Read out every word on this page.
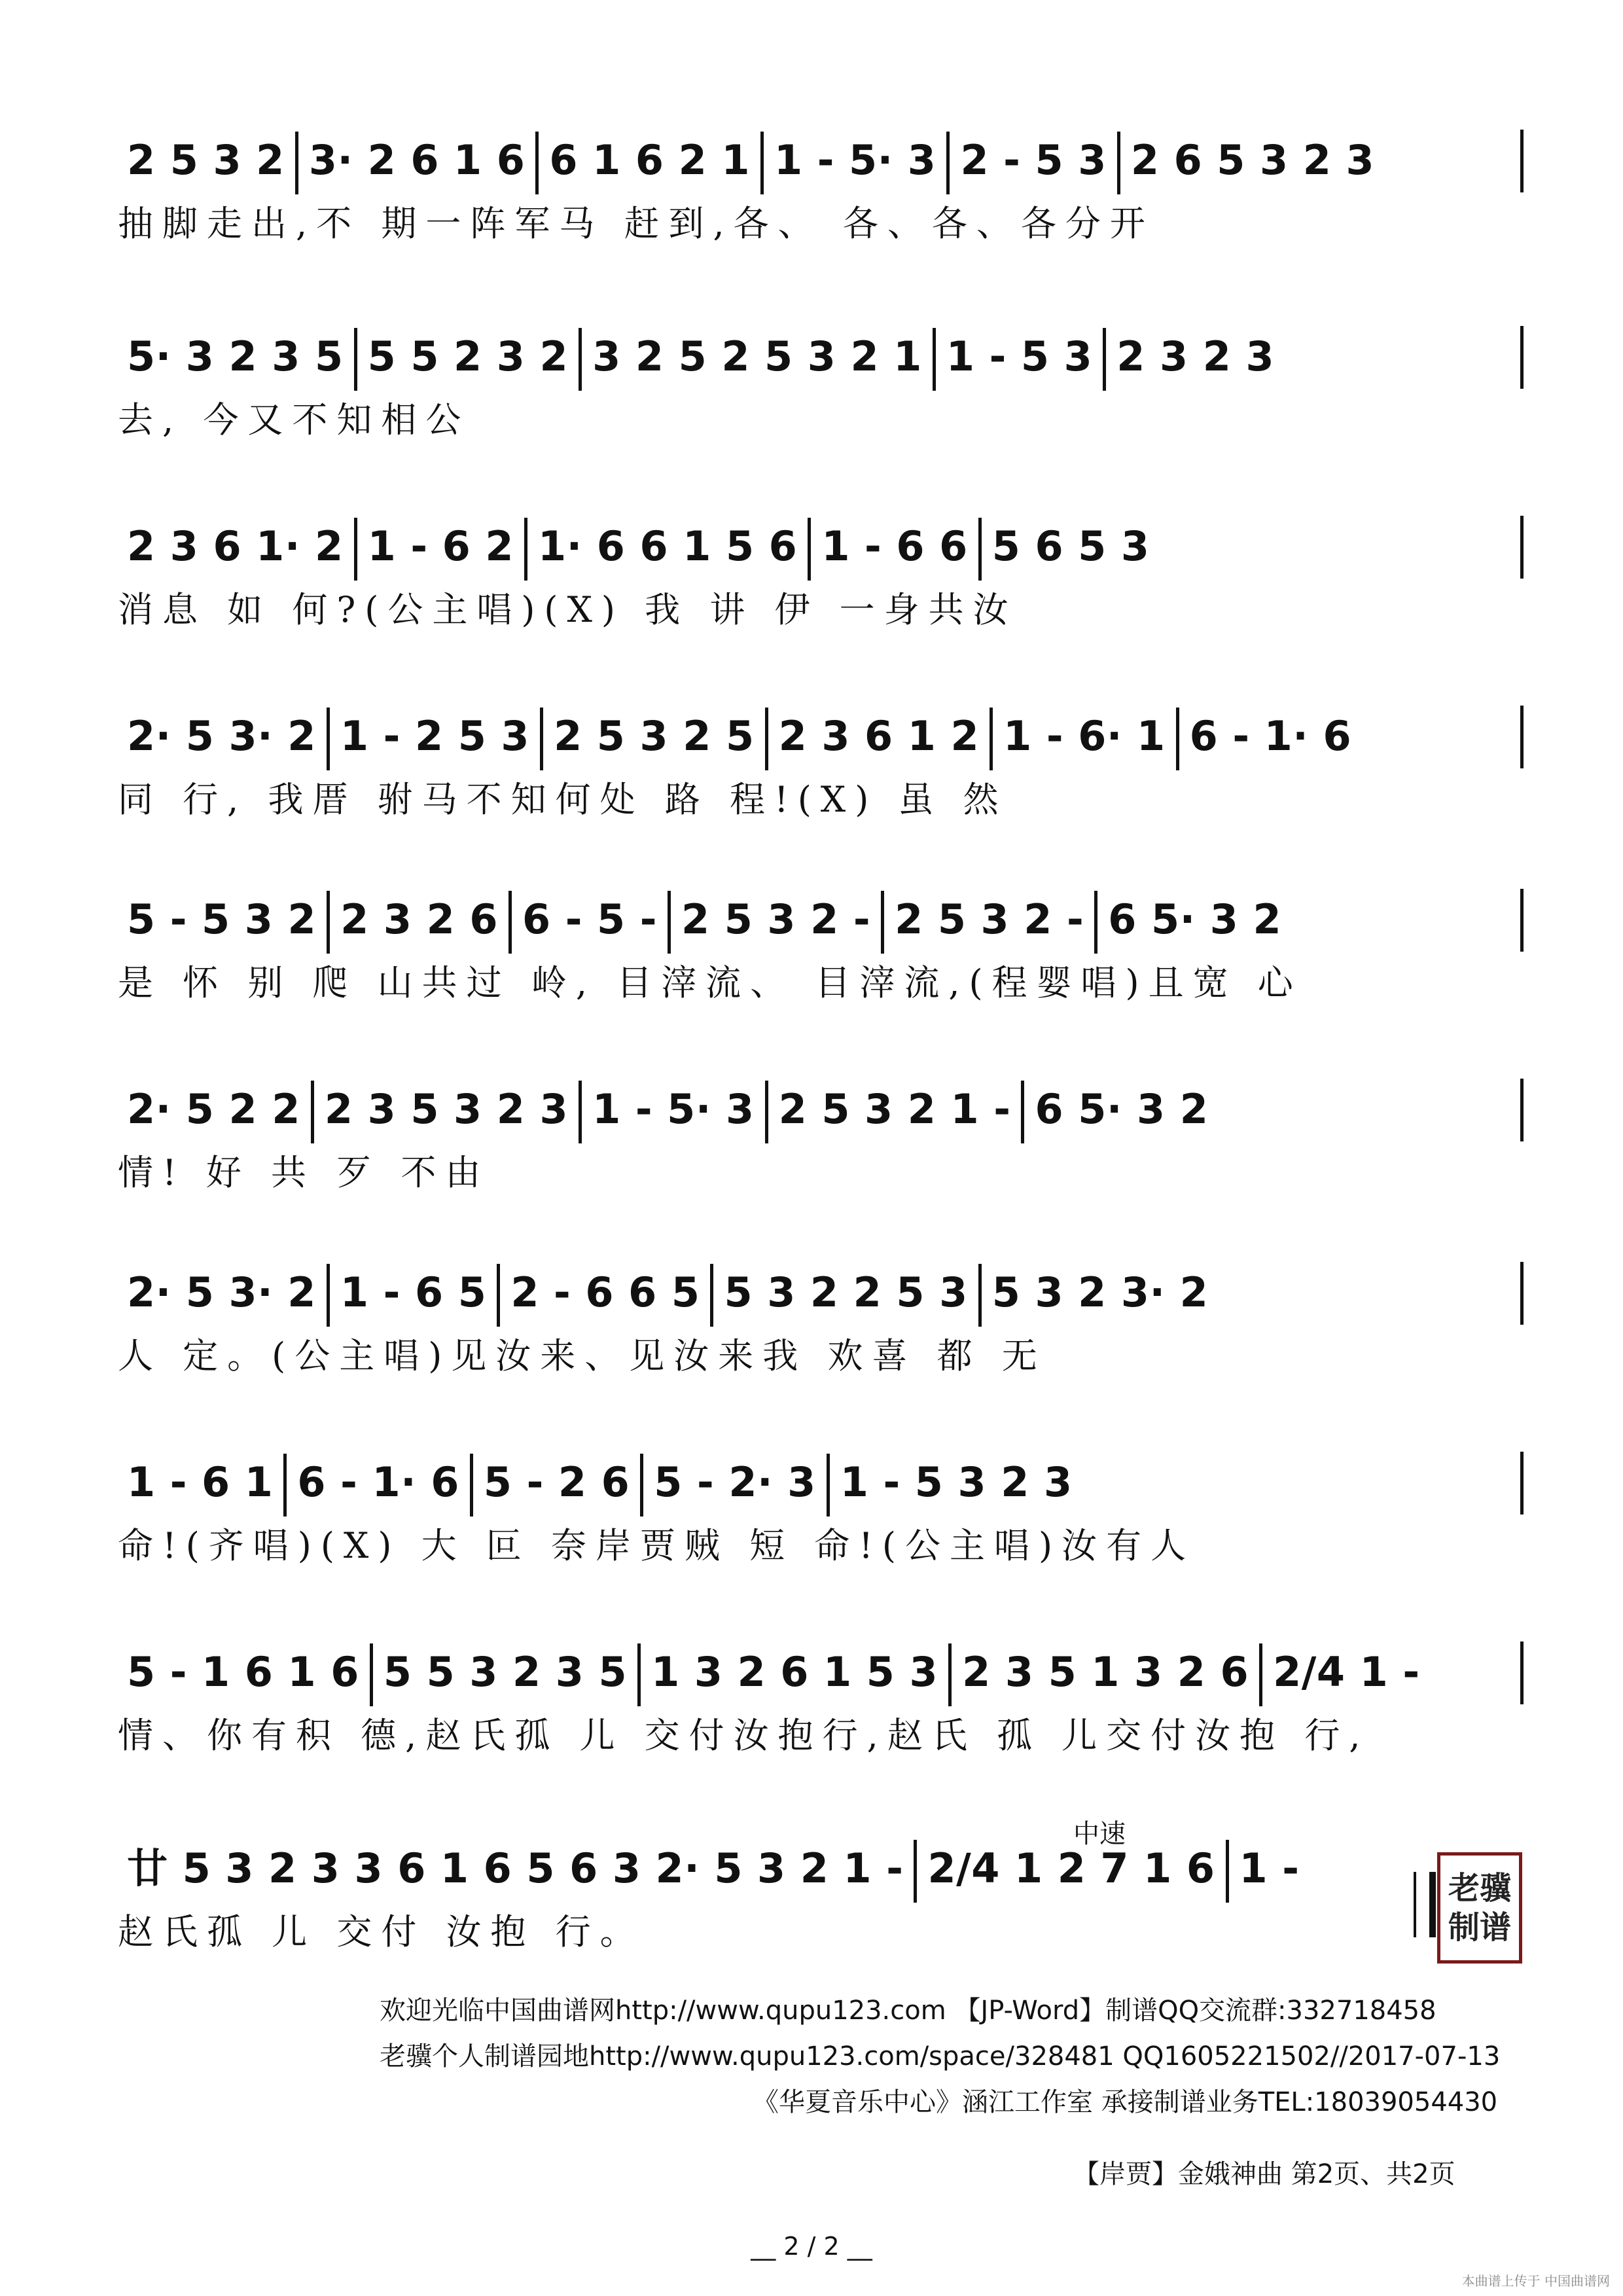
2 5 3 2 3· 2 6 1 6 6 1 6 2 1 1 - 5· 3 2 - 5 3 2 6 5 3 2 3
抽脚走出,不 期一阵军马 赶到,各、 各、各、各分开
5· 3 2 3 5 5 5 2 3 2 3 2 5 2 5 3 2 1 1 - 5 3 2 3 2 3
去, 今又不知相公
2 3 6 1· 2 1 - 6 2 1· 6 6 1 5 6 1 - 6 6 5 6 5 3
消息 如 何?(公主唱)(X) 我 讲 伊 一身共汝
2· 5 3· 2 1 - 2 5 3 2 5 3 2 5 2 3 6 1 2 1 - 6· 1 6 - 1· 6
同 行, 我厝 驸马不知何处 路 程!(X) 虽 然
5 - 5 3 2 2 3 2 6 6 - 5 - 2 5 3 2 - 2 5 3 2 - 6 5· 3 2
是 怀 别 爬 山共过 岭, 目滓流、 目滓流,(程婴唱)且宽 心
2· 5 2 2 2 3 5 3 2 3 1 - 5· 3 2 5 3 2 1 - 6 5· 3 2
情! 好 共 歹 不由
2· 5 3· 2 1 - 6 5 2 - 6 6 5 5 3 2 2 5 3 5 3 2 3· 2
人 定。(公主唱)见汝来、见汝来我 欢喜 都 无
1 - 6 1 6 - 1· 6 5 - 2 6 5 - 2· 3 1 - 5 3 2 3
命!(齐唱)(X) 大 叵 奈岸贾贼 短 命!(公主唱)汝有人
5 - 1 6 1 6 5 5 3 2 3 5 1 3 2 6 1 5 3 2 3 5 1 3 2 6 2/4 1 -
情、你有积 德,赵氏孤 儿 交付汝抱行,赵氏 孤 儿交付汝抱 行,
廿 5 3 2 3 3 6 1 6 5 6 3 2· 5 3 2 1 - 2/4 1 2 7 1 6 1 -
赵氏孤 儿 交付 汝抱 行。
中速
老骥
制谱
欢迎光临中国曲谱网http://www.qupu123.com 【JP-Word】制谱QQ交流群:332718458
老骥个人制谱园地http://www.qupu123.com/space/328481 QQ1605221502//2017-07-13
《华夏音乐中心》涵江工作室 承接制谱业务TEL:18039054430
【岸贾】金娥神曲 第2页、共2页
__ 2 / 2 __
本曲谱上传于 中国曲谱网
